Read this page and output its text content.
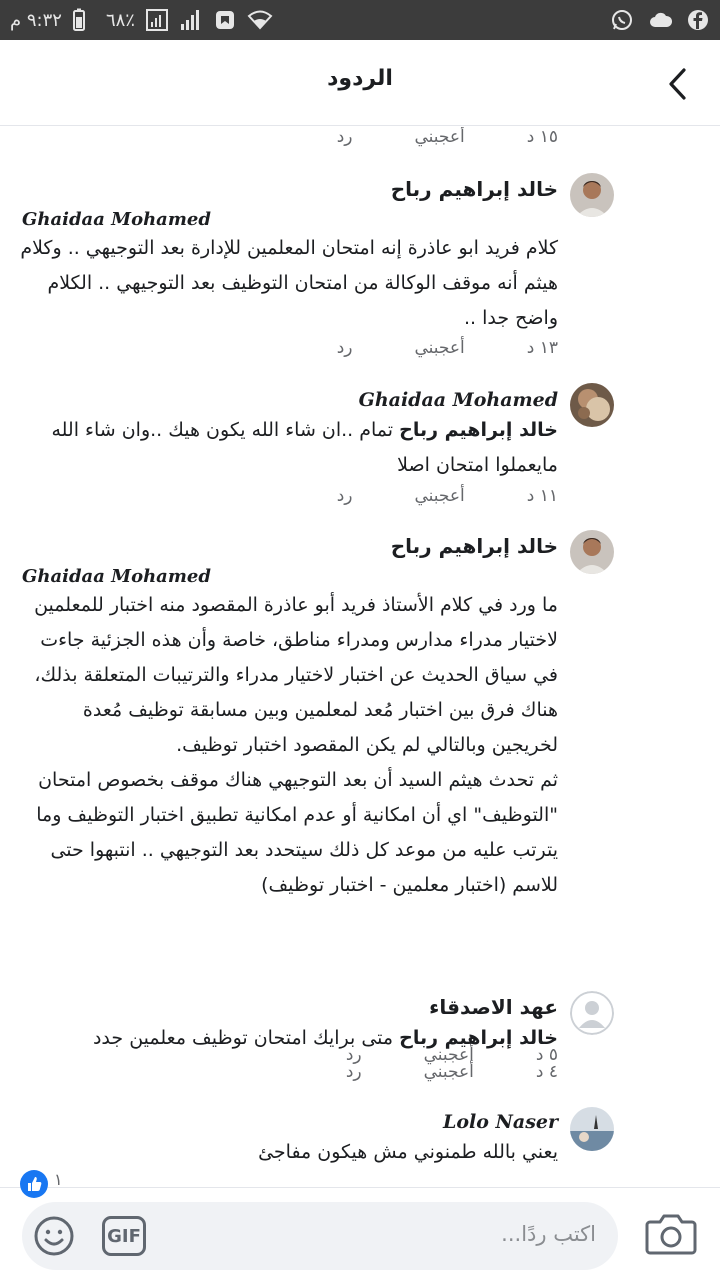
٩:٣٢ م ٦٨٪
الردود
١٥ د
أعجبني
رد
خالد إبراهيم رباح
Ghaidaa Mohamed
كلام فريد ابو عاذرة إنه امتحان المعلمين للإدارة بعد التوجيهي .. وكلام هيثم أنه موقف الوكالة من امتحان التوظيف بعد التوجيهي .. الكلام واضح جدا ..
١٣ د
أعجبني
رد
Ghaidaa Mohamed
خالد إبراهيم رباح تمام ..ان شاء الله يكون هيك ..وان شاء الله مايعملوا امتحان اصلا
١١ د
أعجبني
رد
خالد إبراهيم رباح
Ghaidaa Mohamed
ما ورد في كلام الأستاذ فريد أبو عاذرة المقصود منه اختبار للمعلمين لاختيار مدراء مدارس ومدراء مناطق، خاصة وأن هذه الجزئية جاءت في سياق الحديث عن اختبار لاختيار مدراء والترتيبات المتعلقة بذلك، هناك فرق بين اختبار مُعد لمعلمين وبين مسابقة توظيف مُعدة لخريجين وبالتالي لم يكن المقصود اختبار توظيف.
ثم تحدث هيثم السيد أن بعد التوجيهي هناك موقف بخصوص امتحان "التوظيف" اي أن امكانية أو عدم امكانية تطبيق اختبار التوظيف وما يترتب عليه من موعد كل ذلك سيتحدد بعد التوجيهي .. انتبهوا حتى للاسم (اختبار معلمين - اختبار توظيف)
٥ د
أعجبني
رد
عهد الاصدقاء
خالد إبراهيم رباح متى برايك امتحان توظيف معلمين جدد
٤ د
أعجبني
رد
Lolo Naser
يعني بالله طمنوني مش هيكون مفاجئ
١
GIF	اكتب ردًا...
